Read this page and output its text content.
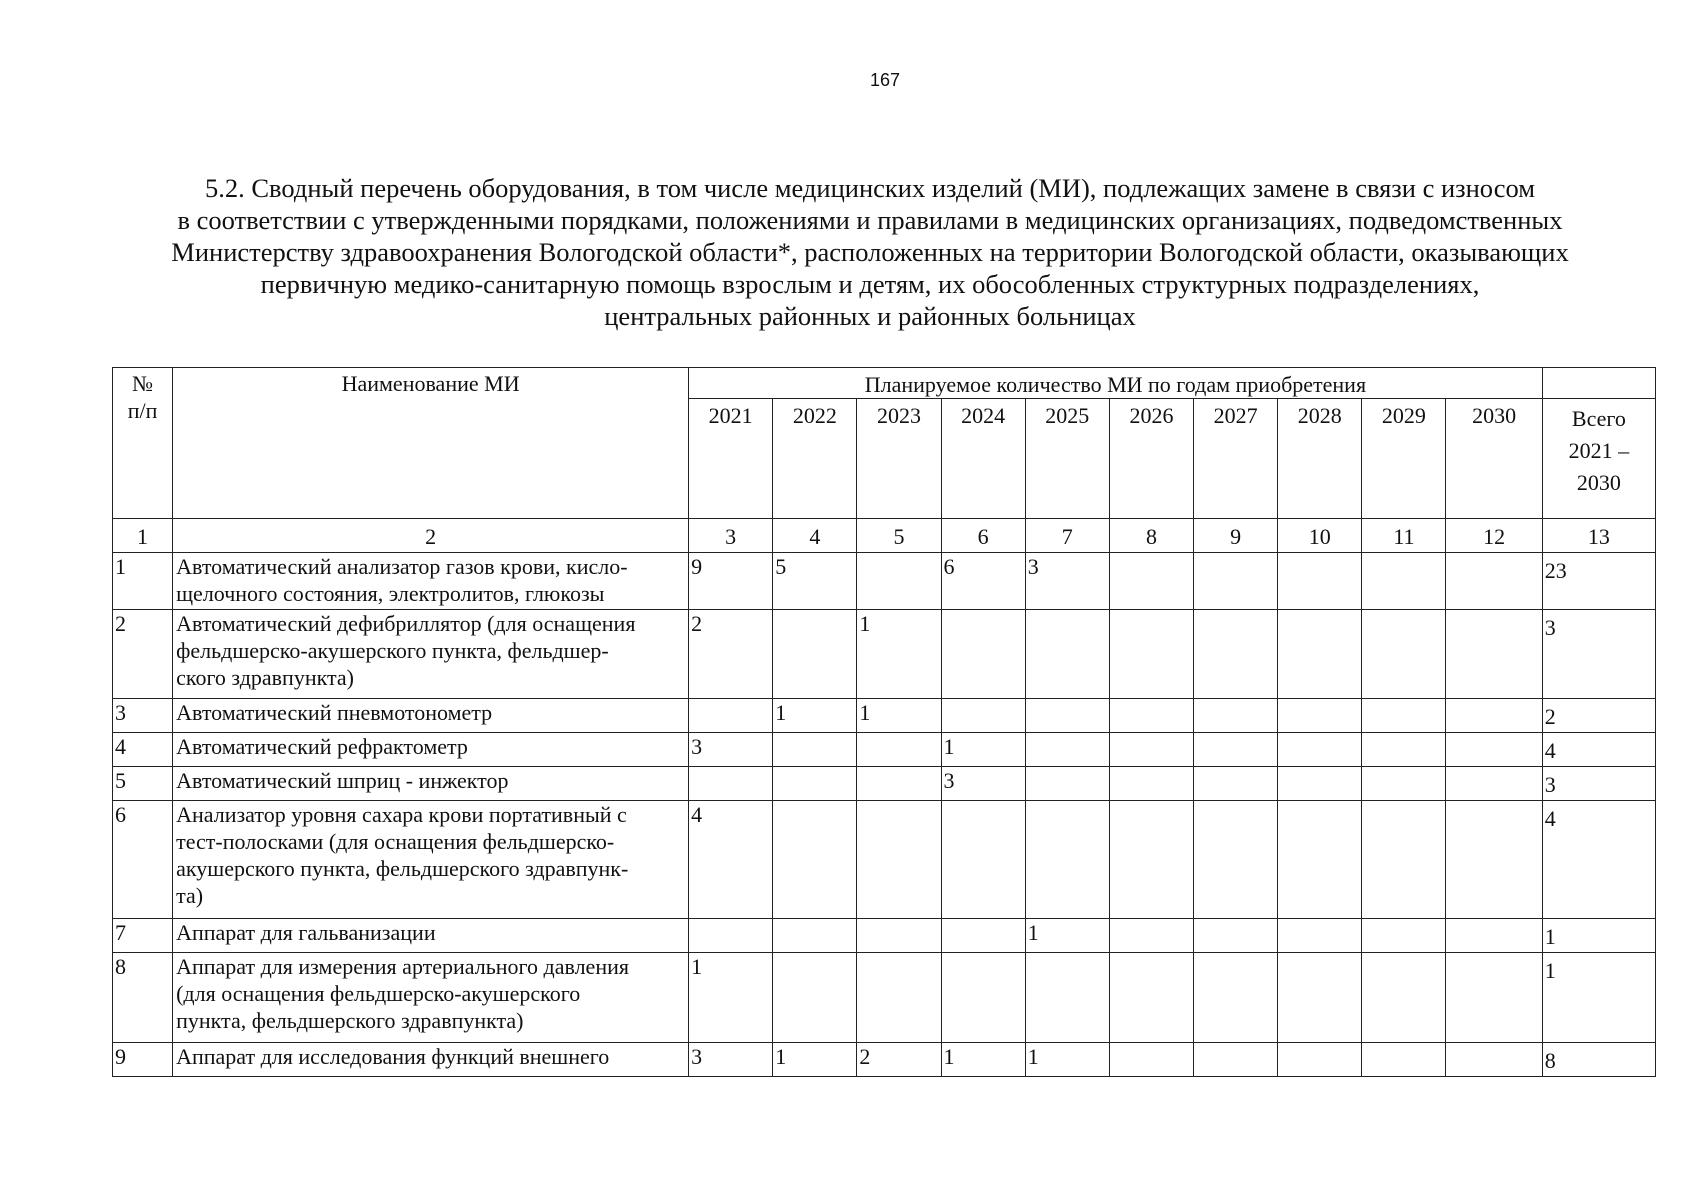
167
5.2. Сводный перечень оборудования, в том числе медицинских изделий (МИ), подлежащих замене в связи с износом
в соответствии с утвержденными порядками, положениями и правилами в медицинских организациях, подведомственных
Министерству здравоохранения Вологодской области*, расположенных на территории Вологодской области, оказывающих
первичную медико-санитарную помощь взрослым и детям, их обособленных структурных подразделениях,
центральных районных и районных больницах
№
п/п	Наименование МИ	Планируемое количество МИ по годам приобретения										
		2021	2022	2023	2024	2025	2026	2027	2028	2029	2030	Всего
2021 –
2030
1	2	3	4	5	6	7	8	9	10	11	12	13
1	Автоматический анализатор газов крови, кисло-
щелочного состояния, электролитов, глюкозы	9	5		6	3						23
2	Автоматический дефибриллятор (для оснащения
фельдшерско-акушерского пункта, фельдшер-
ского здравпункта)	2		1								3
3	Автоматический пневмотонометр		1	1								2
4	Автоматический рефрактометр	3			1							4
5	Автоматический шприц - инжектор				3							3
6	Анализатор уровня сахара крови портативный с
тест-полосками (для оснащения фельдшерско-
акушерского пункта, фельдшерского здравпунк-
та)	4										4
7	Аппарат для гальванизации					1						1
8	Аппарат для измерения артериального давления
(для оснащения фельдшерско-акушерского
пункта, фельдшерского здравпункта)	1										1
9	Аппарат для исследования функций внешнего	3	1	2	1	1						8
